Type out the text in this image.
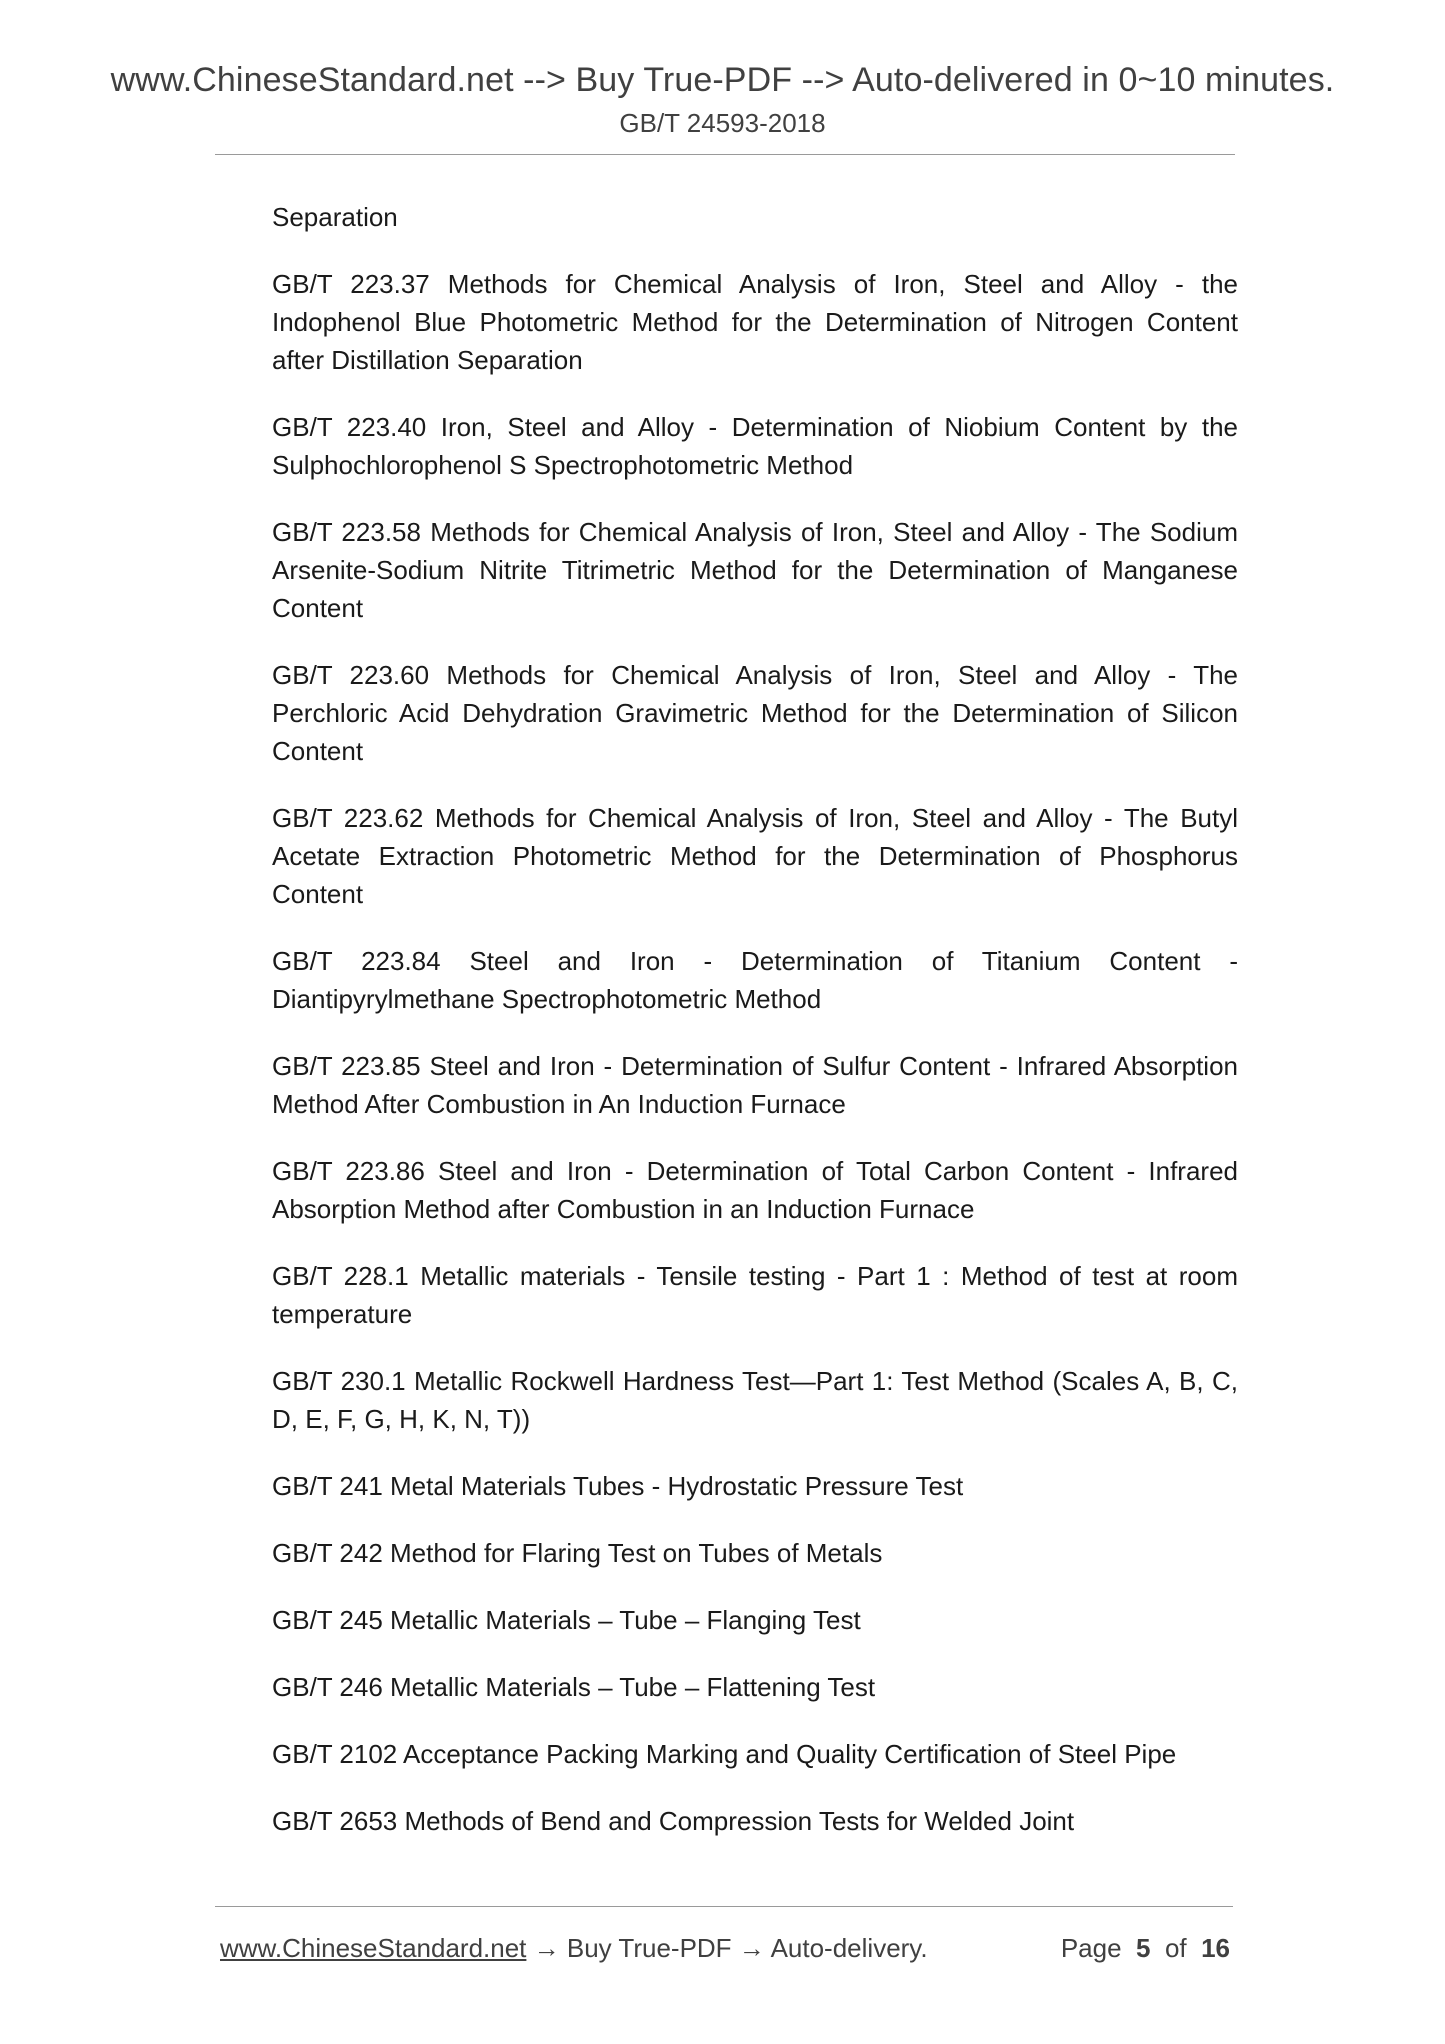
www.ChineseStandard.net --> Buy True-PDF --> Auto-delivered in 0~10 minutes.
GB/T 24593-2018

Separation

GB/T 223.37 Methods for Chemical Analysis of Iron, Steel and Alloy - the Indophenol Blue Photometric Method for the Determination of Nitrogen Content after Distillation Separation

GB/T 223.40 Iron, Steel and Alloy - Determination of Niobium Content by the Sulphochlorophenol S Spectrophotometric Method

GB/T 223.58 Methods for Chemical Analysis of Iron, Steel and Alloy - The Sodium Arsenite-Sodium Nitrite Titrimetric Method for the Determination of Manganese Content

GB/T 223.60 Methods for Chemical Analysis of Iron, Steel and Alloy - The Perchloric Acid Dehydration Gravimetric Method for the Determination of Silicon Content

GB/T 223.62 Methods for Chemical Analysis of Iron, Steel and Alloy - The Butyl Acetate Extraction Photometric Method for the Determination of Phosphorus Content

GB/T 223.84 Steel and Iron - Determination of Titanium Content - Diantipyrylmethane Spectrophotometric Method

GB/T 223.85 Steel and Iron - Determination of Sulfur Content - Infrared Absorption Method After Combustion in An Induction Furnace

GB/T 223.86 Steel and Iron - Determination of Total Carbon Content - Infrared Absorption Method after Combustion in an Induction Furnace

GB/T 228.1 Metallic materials - Tensile testing - Part 1 : Method of test at room temperature

GB/T 230.1 Metallic Rockwell Hardness Test—Part 1: Test Method (Scales A, B, C, D, E, F, G, H, K, N, T))

GB/T 241 Metal Materials Tubes - Hydrostatic Pressure Test

GB/T 242 Method for Flaring Test on Tubes of Metals

GB/T 245 Metallic Materials – Tube – Flanging Test

GB/T 246 Metallic Materials – Tube – Flattening Test

GB/T 2102 Acceptance Packing Marking and Quality Certification of Steel Pipe

GB/T 2653 Methods of Bend and Compression Tests for Welded Joint

www.ChineseStandard.net → Buy True-PDF → Auto-delivery.	Page 5 of 16
